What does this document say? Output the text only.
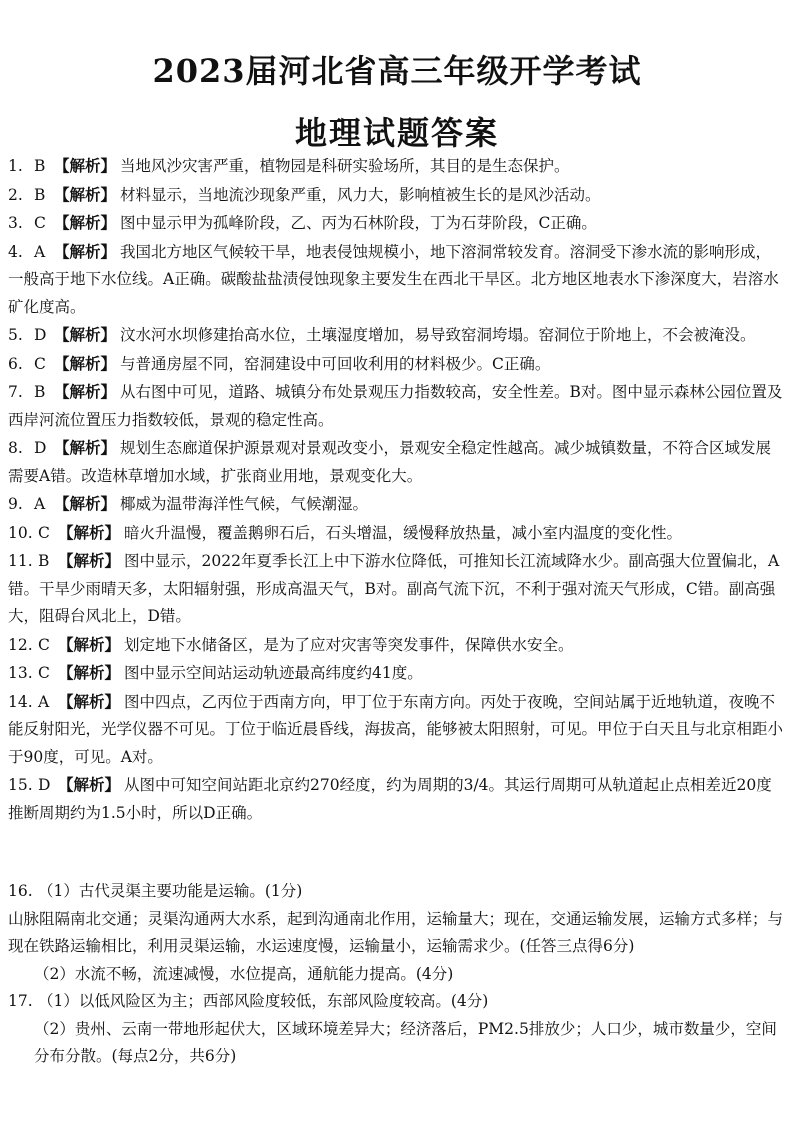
2023届河北省高三年级开学考试
地理试题答案
1. B 【解析】 当地风沙灾害严重，植物园是科研实验场所，其目的是生态保护。
2. B 【解析】 材料显示，当地流沙现象严重，风力大，影响植被生长的是风沙活动。
3. C 【解析】 图中显示甲为孤峰阶段，乙、丙为石林阶段，丁为石芽阶段，C正确。
4. A 【解析】 我国北方地区气候较干旱，地表侵蚀规模小，地下溶洞常较发育。溶洞受下渗水流的影响形成，一般高于地下水位线。A正确。碳酸盐盐渍侵蚀现象主要发生在西北干旱区。北方地区地表水下渗深度大，岩溶水矿化度高。
5. D 【解析】 汶水河水坝修建抬高水位，土壤湿度增加，易导致窑洞垮塌。窑洞位于阶地上，不会被淹没。
6. C 【解析】 与普通房屋不同，窑洞建设中可回收利用的材料极少。C正确。
7. B 【解析】 从右图中可见，道路、城镇分布处景观压力指数较高，安全性差。B对。图中显示森林公园位置及西岸河流位置压力指数较低，景观的稳定性高。
8. D 【解析】 规划生态廊道保护源景观对景观改变小，景观安全稳定性越高。减少城镇数量，不符合区域发展需要A错。改造林草增加水域，扩张商业用地，景观变化大。
9. A 【解析】 椰威为温带海洋性气候，气候潮湿。
10. C 【解析】 暗火升温慢，覆盖鹅卵石后，石头增温，缓慢释放热量，减小室内温度的变化性。
11. B 【解析】 图中显示，2022年夏季长江上中下游水位降低，可推知长江流域降水少。副高强大位置偏北，A错。干旱少雨晴天多，太阳辐射强，形成高温天气，B对。副高气流下沉，不利于强对流天气形成，C错。副高强大，阻碍台风北上，D错。
12. C 【解析】 划定地下水储备区，是为了应对灾害等突发事件，保障供水安全。
13. C 【解析】 图中显示空间站运动轨迹最高纬度约41度。
14. A 【解析】 图中四点，乙丙位于西南方向，甲丁位于东南方向。丙处于夜晚，空间站属于近地轨道，夜晚不能反射阳光，光学仪器不可见。丁位于临近晨昏线，海拔高，能够被太阳照射，可见。甲位于白天且与北京相距小于90度，可见。A对。
15. D 【解析】 从图中可知空间站距北京约270经度，约为周期的3/4。其运行周期可从轨道起止点相差近20度推断周期约为1.5小时，所以D正确。
16. （1）古代灵渠主要功能是运输。(1分)
山脉阻隔南北交通；灵渠沟通两大水系，起到沟通南北作用，运输量大；现在，交通运输发展，运输方式多样；与现在铁路运输相比，利用灵渠运输，水运速度慢，运输量小，运输需求少。(任答三点得6分)
（2）水流不畅，流速减慢，水位提高，通航能力提高。(4分)
17. （1）以低风险区为主；西部风险度较低，东部风险度较高。(4分)
（2）贵州、云南一带地形起伏大，区域环境差异大；经济落后，PM2.5排放少；人口少，城市数量少，空间分布分散。(每点2分，共6分)
